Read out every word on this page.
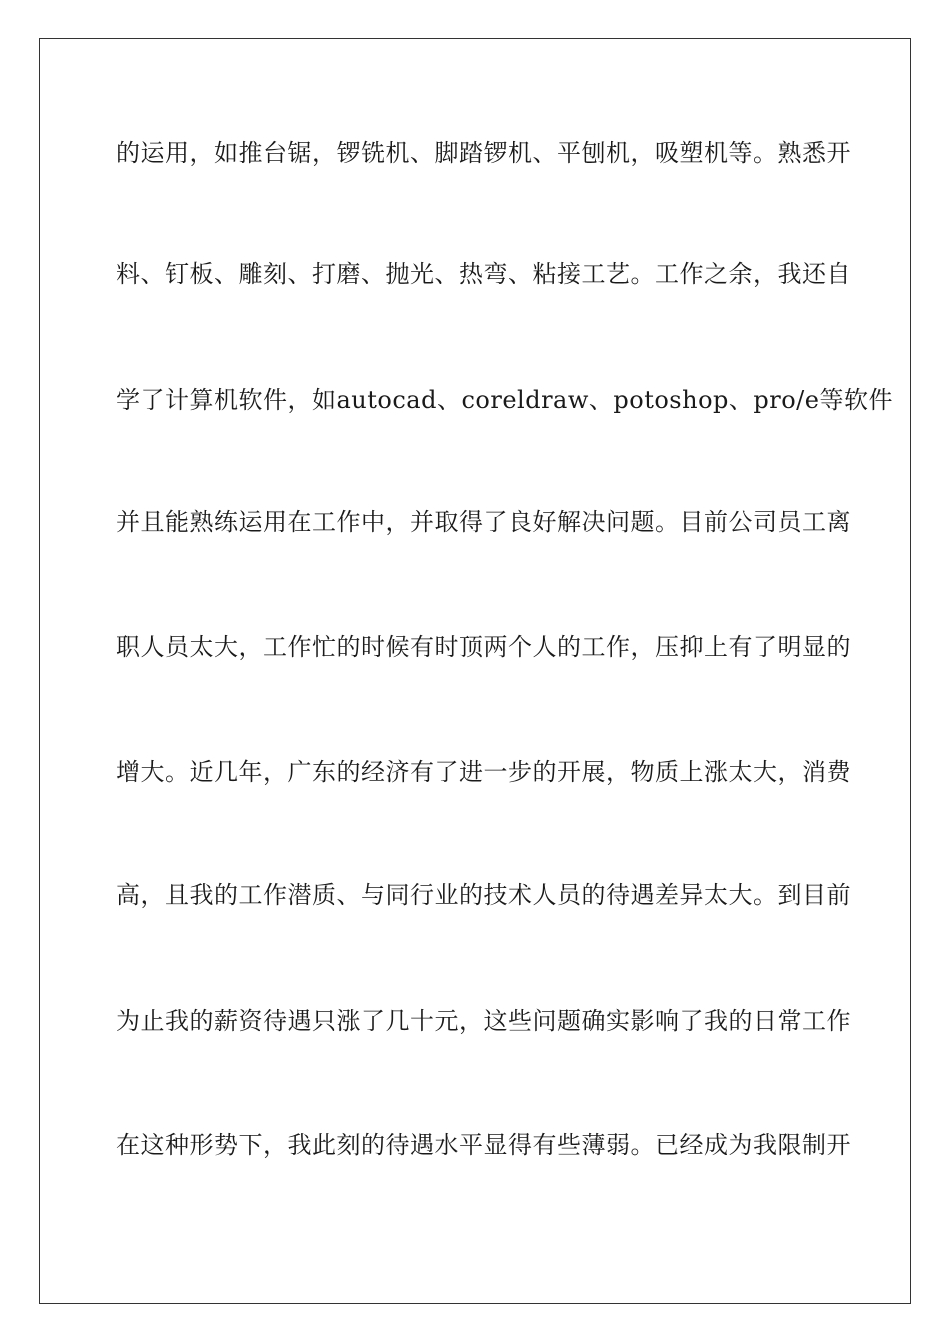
的运用，如推台锯，锣铣机、脚踏锣机、平刨机，吸塑机等。熟悉开
料、钉板、雕刻、打磨、抛光、热弯、粘接工艺。工作之余，我还自
学了计算机软件，如autocad、coreldraw、potoshop、pro/e等软件
并且能熟练运用在工作中，并取得了良好解决问题。目前公司员工离
职人员太大，工作忙的时候有时顶两个人的工作，压抑上有了明显的
增大。近几年，广东的经济有了进一步的开展，物质上涨太大，消费
高，且我的工作潜质、与同行业的技术人员的待遇差异太大。到目前
为止我的薪资待遇只涨了几十元，这些问题确实影响了我的日常工作
在这种形势下，我此刻的待遇水平显得有些薄弱。已经成为我限制开
